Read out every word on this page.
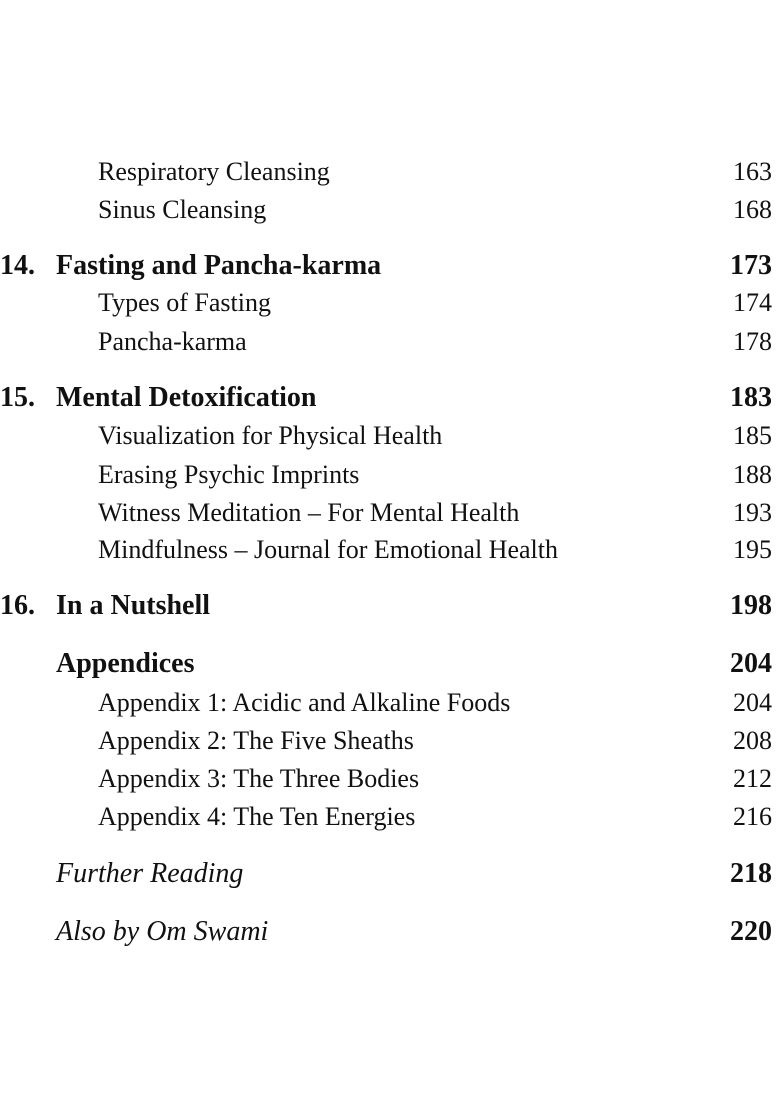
Respiratory Cleansing	163
Sinus Cleansing	168
14. Fasting and Pancha-karma	173
Types of Fasting	174
Pancha-karma	178
15. Mental Detoxification	183
Visualization for Physical Health	185
Erasing Psychic Imprints	188
Witness Meditation – For Mental Health	193
Mindfulness – Journal for Emotional Health	195
16. In a Nutshell	198
Appendices	204
Appendix 1: Acidic and Alkaline Foods	204
Appendix 2: The Five Sheaths	208
Appendix 3: The Three Bodies	212
Appendix 4: The Ten Energies	216
Further Reading	218
Also by Om Swami	220
